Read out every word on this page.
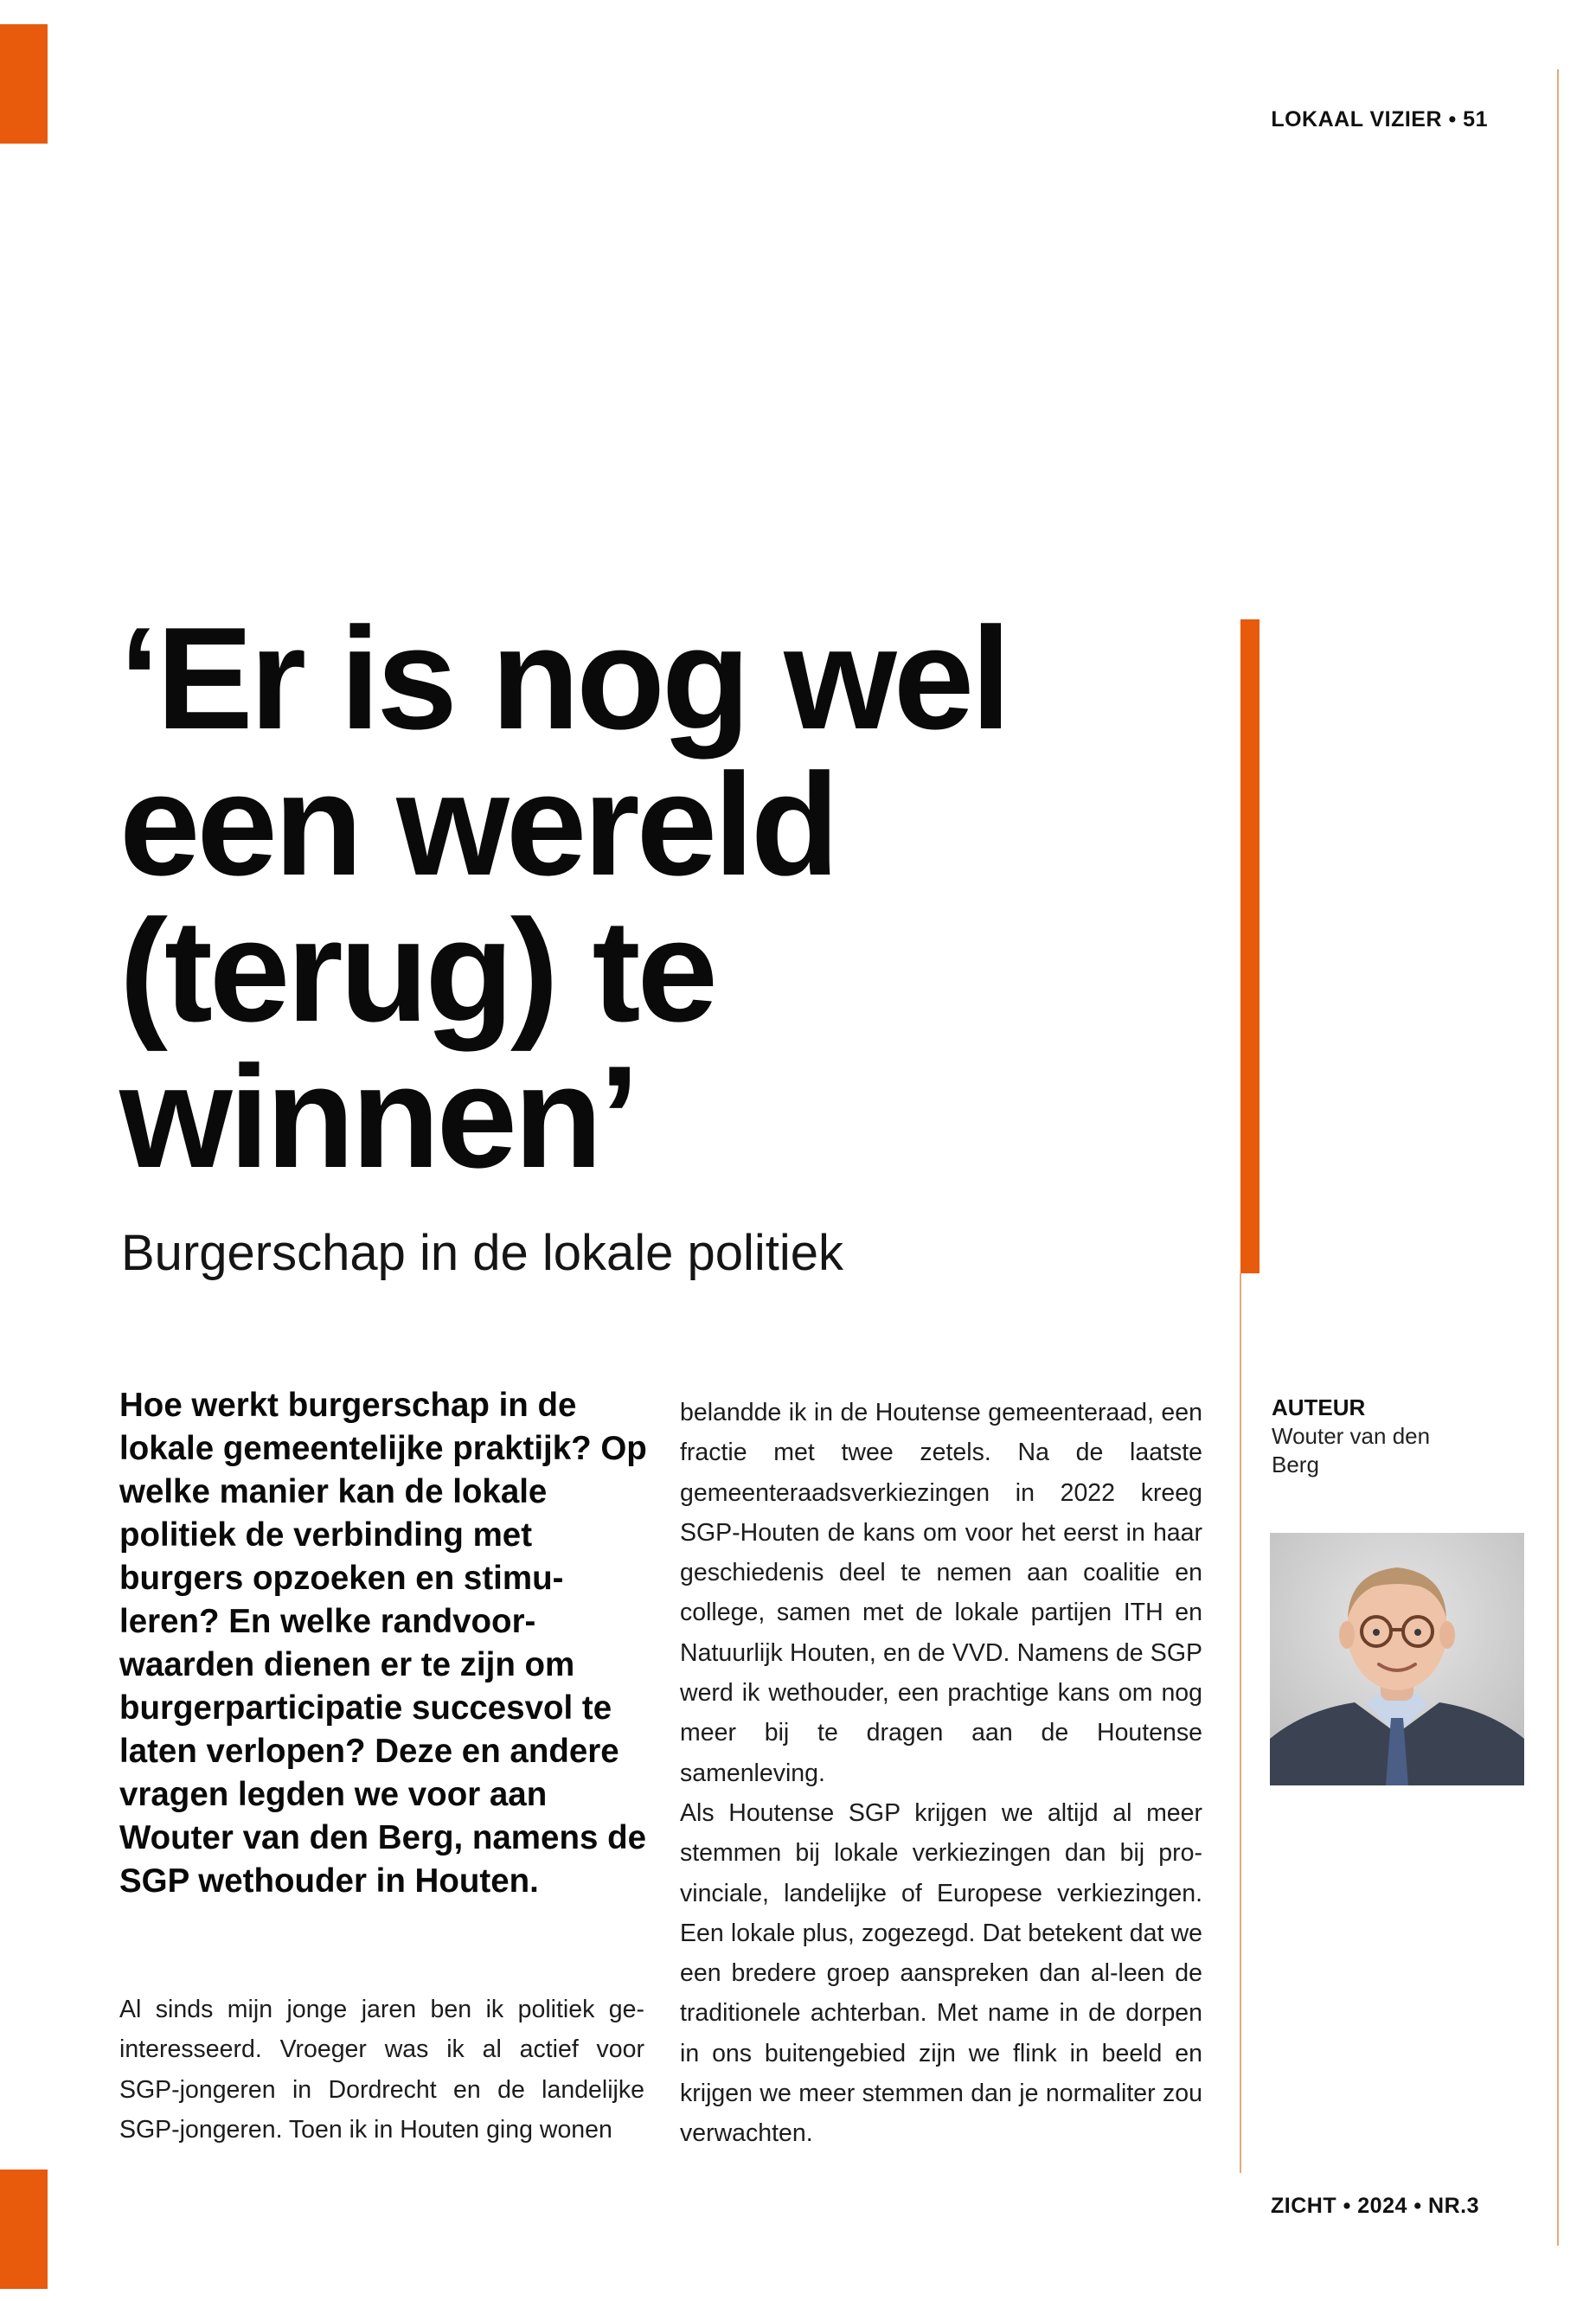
LOKAAL VIZIER • 51
‘Er is nog wel
een wereld
(terug) te
winnen’
Burgerschap in de lokale politiek

Hoe werkt burgerschap in de lokale gemeentelijke praktijk? Op welke manier kan de lokale politiek de verbinding met burgers opzoeken en stimu-leren? En welke randvoor-waarden dienen er te zijn om burgerparticipatie succesvol te laten verlopen? Deze en andere vragen legden we voor aan Wouter van den Berg, namens de SGP wethouder in Houten.

Al sinds mijn jonge jaren ben ik politiek ge-interesseerd. Vroeger was ik al actief voor SGP-jongeren in Dordrecht en de landelijke SGP-jongeren. Toen ik in Houten ging wonen

belandde ik in de Houtense gemeenteraad, een fractie met twee zetels. Na de laatste gemeenteraadsverkiezingen in 2022 kreeg SGP-Houten de kans om voor het eerst in haar geschiedenis deel te nemen aan coalitie en college, samen met de lokale partijen ITH en Natuurlijk Houten, en de VVD. Namens de SGP werd ik wethouder, een prachtige kans om nog meer bij te dragen aan de Houtense samenleving.

Als Houtense SGP krijgen we altijd al meer stemmen bij lokale verkiezingen dan bij pro-vinciale, landelijke of Europese verkiezingen. Een lokale plus, zogezegd. Dat betekent dat we een bredere groep aanspreken dan al-leen de traditionele achterban. Met name in de dorpen in ons buitengebied zijn we flink in beeld en krijgen we meer stemmen dan je normaliter zou verwachten.

AUTEUR
Wouter van den Berg
ZICHT • 2024 • NR.3
